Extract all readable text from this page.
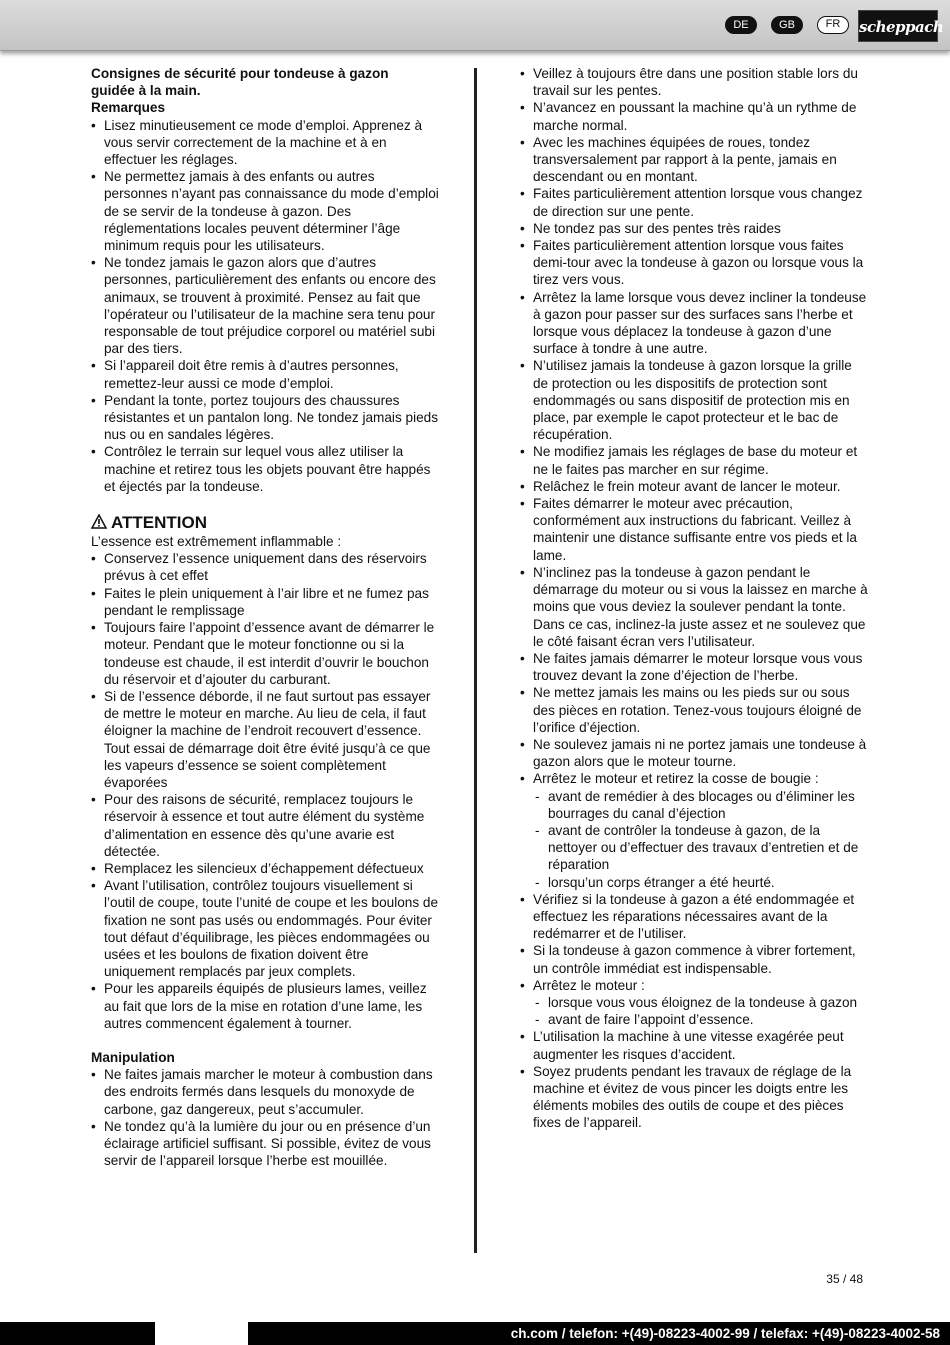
DE	GB	FR	scheppach
Consignes de sécurité pour tondeuse à gazon
guidée à la main.
Remarques
• Lisez minutieusement ce mode d’emploi. Apprenez à vous servir correctement de la machine et à en effectuer les réglages.
• Ne permettez jamais à des enfants ou autres personnes n’ayant pas connaissance du mode d’emploi de se servir de la tondeuse à gazon. Des réglementations locales peuvent déterminer l’âge minimum requis pour les utilisateurs.
• Ne tondez jamais le gazon alors que d’autres personnes, particulièrement des enfants ou encore des animaux, se trouvent à proximité. Pensez au fait que l’opérateur ou l’utilisateur de la machine sera tenu pour responsable de tout préjudice corporel ou matériel subi par des tiers.
• Si l’appareil doit être remis à d’autres personnes, remettez-leur aussi ce mode d’emploi.
• Pendant la tonte, portez toujours des chaussures résistantes et un pantalon long. Ne tondez jamais pieds nus ou en sandales légères.
• Contrôlez le terrain sur lequel vous allez utiliser la machine et retirez tous les objets pouvant être happés et éjectés par la tondeuse.
ATTENTION
L’essence est extrêmement inflammable :
• Conservez l’essence uniquement dans des réservoirs prévus à cet effet
• Faites le plein uniquement à l’air libre et ne fumez pas pendant le remplissage
• Toujours faire l’appoint d’essence avant de démarrer le moteur. Pendant que le moteur fonctionne ou si la tondeuse est chaude, il est interdit d’ouvrir le bouchon du réservoir et d’ajouter du carburant.
• Si de l’essence déborde, il ne faut surtout pas essayer de mettre le moteur en marche. Au lieu de cela, il faut éloigner la machine de l’endroit recouvert d’essence. Tout essai de démarrage doit être évité jusqu’à ce que les vapeurs d’essence se soient complètement évaporées
• Pour des raisons de sécurité, remplacez toujours le réservoir à essence et tout autre élément du système d’alimentation en essence dès qu’une avarie est détectée.
• Remplacez les silencieux d’échappement défectueux
• Avant l’utilisation, contrôlez toujours visuellement si l’outil de coupe, toute l’unité de coupe et les boulons de fixation ne sont pas usés ou endommagés. Pour éviter tout défaut d’équilibrage, les pièces endommagées ou usées et les boulons de fixation doivent être uniquement remplacés par jeux complets.
• Pour les appareils équipés de plusieurs lames, veillez au fait que lors de la mise en rotation d’une lame, les autres commencent également à tourner.
Manipulation
• Ne faites jamais marcher le moteur à combustion dans des endroits fermés dans lesquels du monoxyde de carbone, gaz dangereux, peut s’accumuler.
• Ne tondez qu’à la lumière du jour ou en présence d’un éclairage artificiel suffisant. Si possible, évitez de vous servir de l’appareil lorsque l’herbe est mouillée.
• Veillez à toujours être dans une position stable lors du travail sur les pentes.
• N’avancez en poussant la machine qu’à un rythme de marche normal.
• Avec les machines équipées de roues, tondez transversalement par rapport à la pente, jamais en descendant ou en montant.
• Faites particulièrement attention lorsque vous changez de direction sur une pente.
• Ne tondez pas sur des pentes très raides
• Faites particulièrement attention lorsque vous faites demi-tour avec la tondeuse à gazon ou lorsque vous la tirez vers vous.
• Arrêtez la lame lorsque vous devez incliner la tondeuse à gazon pour passer sur des surfaces sans l’herbe et lorsque vous déplacez la tondeuse à gazon d’une surface à tondre à une autre.
• N’utilisez jamais la tondeuse à gazon lorsque la grille de protection ou les dispositifs de protection sont endommagés ou sans dispositif de protection mis en place, par exemple le capot protecteur et le bac de récupération.
• Ne modifiez jamais les réglages de base du moteur et ne le faites pas marcher en sur régime.
• Relâchez le frein moteur avant de lancer le moteur.
• Faites démarrer le moteur avec précaution, conformément aux instructions du fabricant. Veillez à maintenir une distance suffisante entre vos pieds et la lame.
• N’inclinez pas la tondeuse à gazon pendant le démarrage du moteur ou si vous la laissez en marche à moins que vous deviez la soulever pendant la tonte. Dans ce cas, inclinez-la juste assez et ne soulevez que le côté faisant écran vers l’utilisateur.
• Ne faites jamais démarrer le moteur lorsque vous vous trouvez devant la zone d’éjection de l’herbe.
• Ne mettez jamais les mains ou les pieds sur ou sous des pièces en rotation. Tenez-vous toujours éloigné de l’orifice d’éjection.
• Ne soulevez jamais ni ne portez jamais une tondeuse à gazon alors que le moteur tourne.
• Arrêtez le moteur et retirez la cosse de bougie :
- avant de remédier à des blocages ou d’éliminer les bourrages du canal d’éjection
- avant de contrôler la tondeuse à gazon, de la nettoyer ou d’effectuer des travaux d’entretien et de réparation
- lorsqu’un corps étranger a été heurté.
• Vérifiez si la tondeuse à gazon a été endommagée et effectuez les réparations nécessaires avant de la redémarrer et de l’utiliser.
• Si la tondeuse à gazon commence à vibrer fortement, un contrôle immédiat est indispensable.
• Arrêtez le moteur :
- lorsque vous vous éloignez de la tondeuse à gazon
- avant de faire l’appoint d’essence.
• L’utilisation la machine à une vitesse exagérée peut augmenter les risques d’accident.
• Soyez prudents pendant les travaux de réglage de la machine et évitez de vous pincer les doigts entre les éléments mobiles des outils de coupe et des pièces fixes de l’appareil.
35 / 48
ch.com / telefon: +(49)-08223-4002-99 / telefax: +(49)-08223-4002-58
